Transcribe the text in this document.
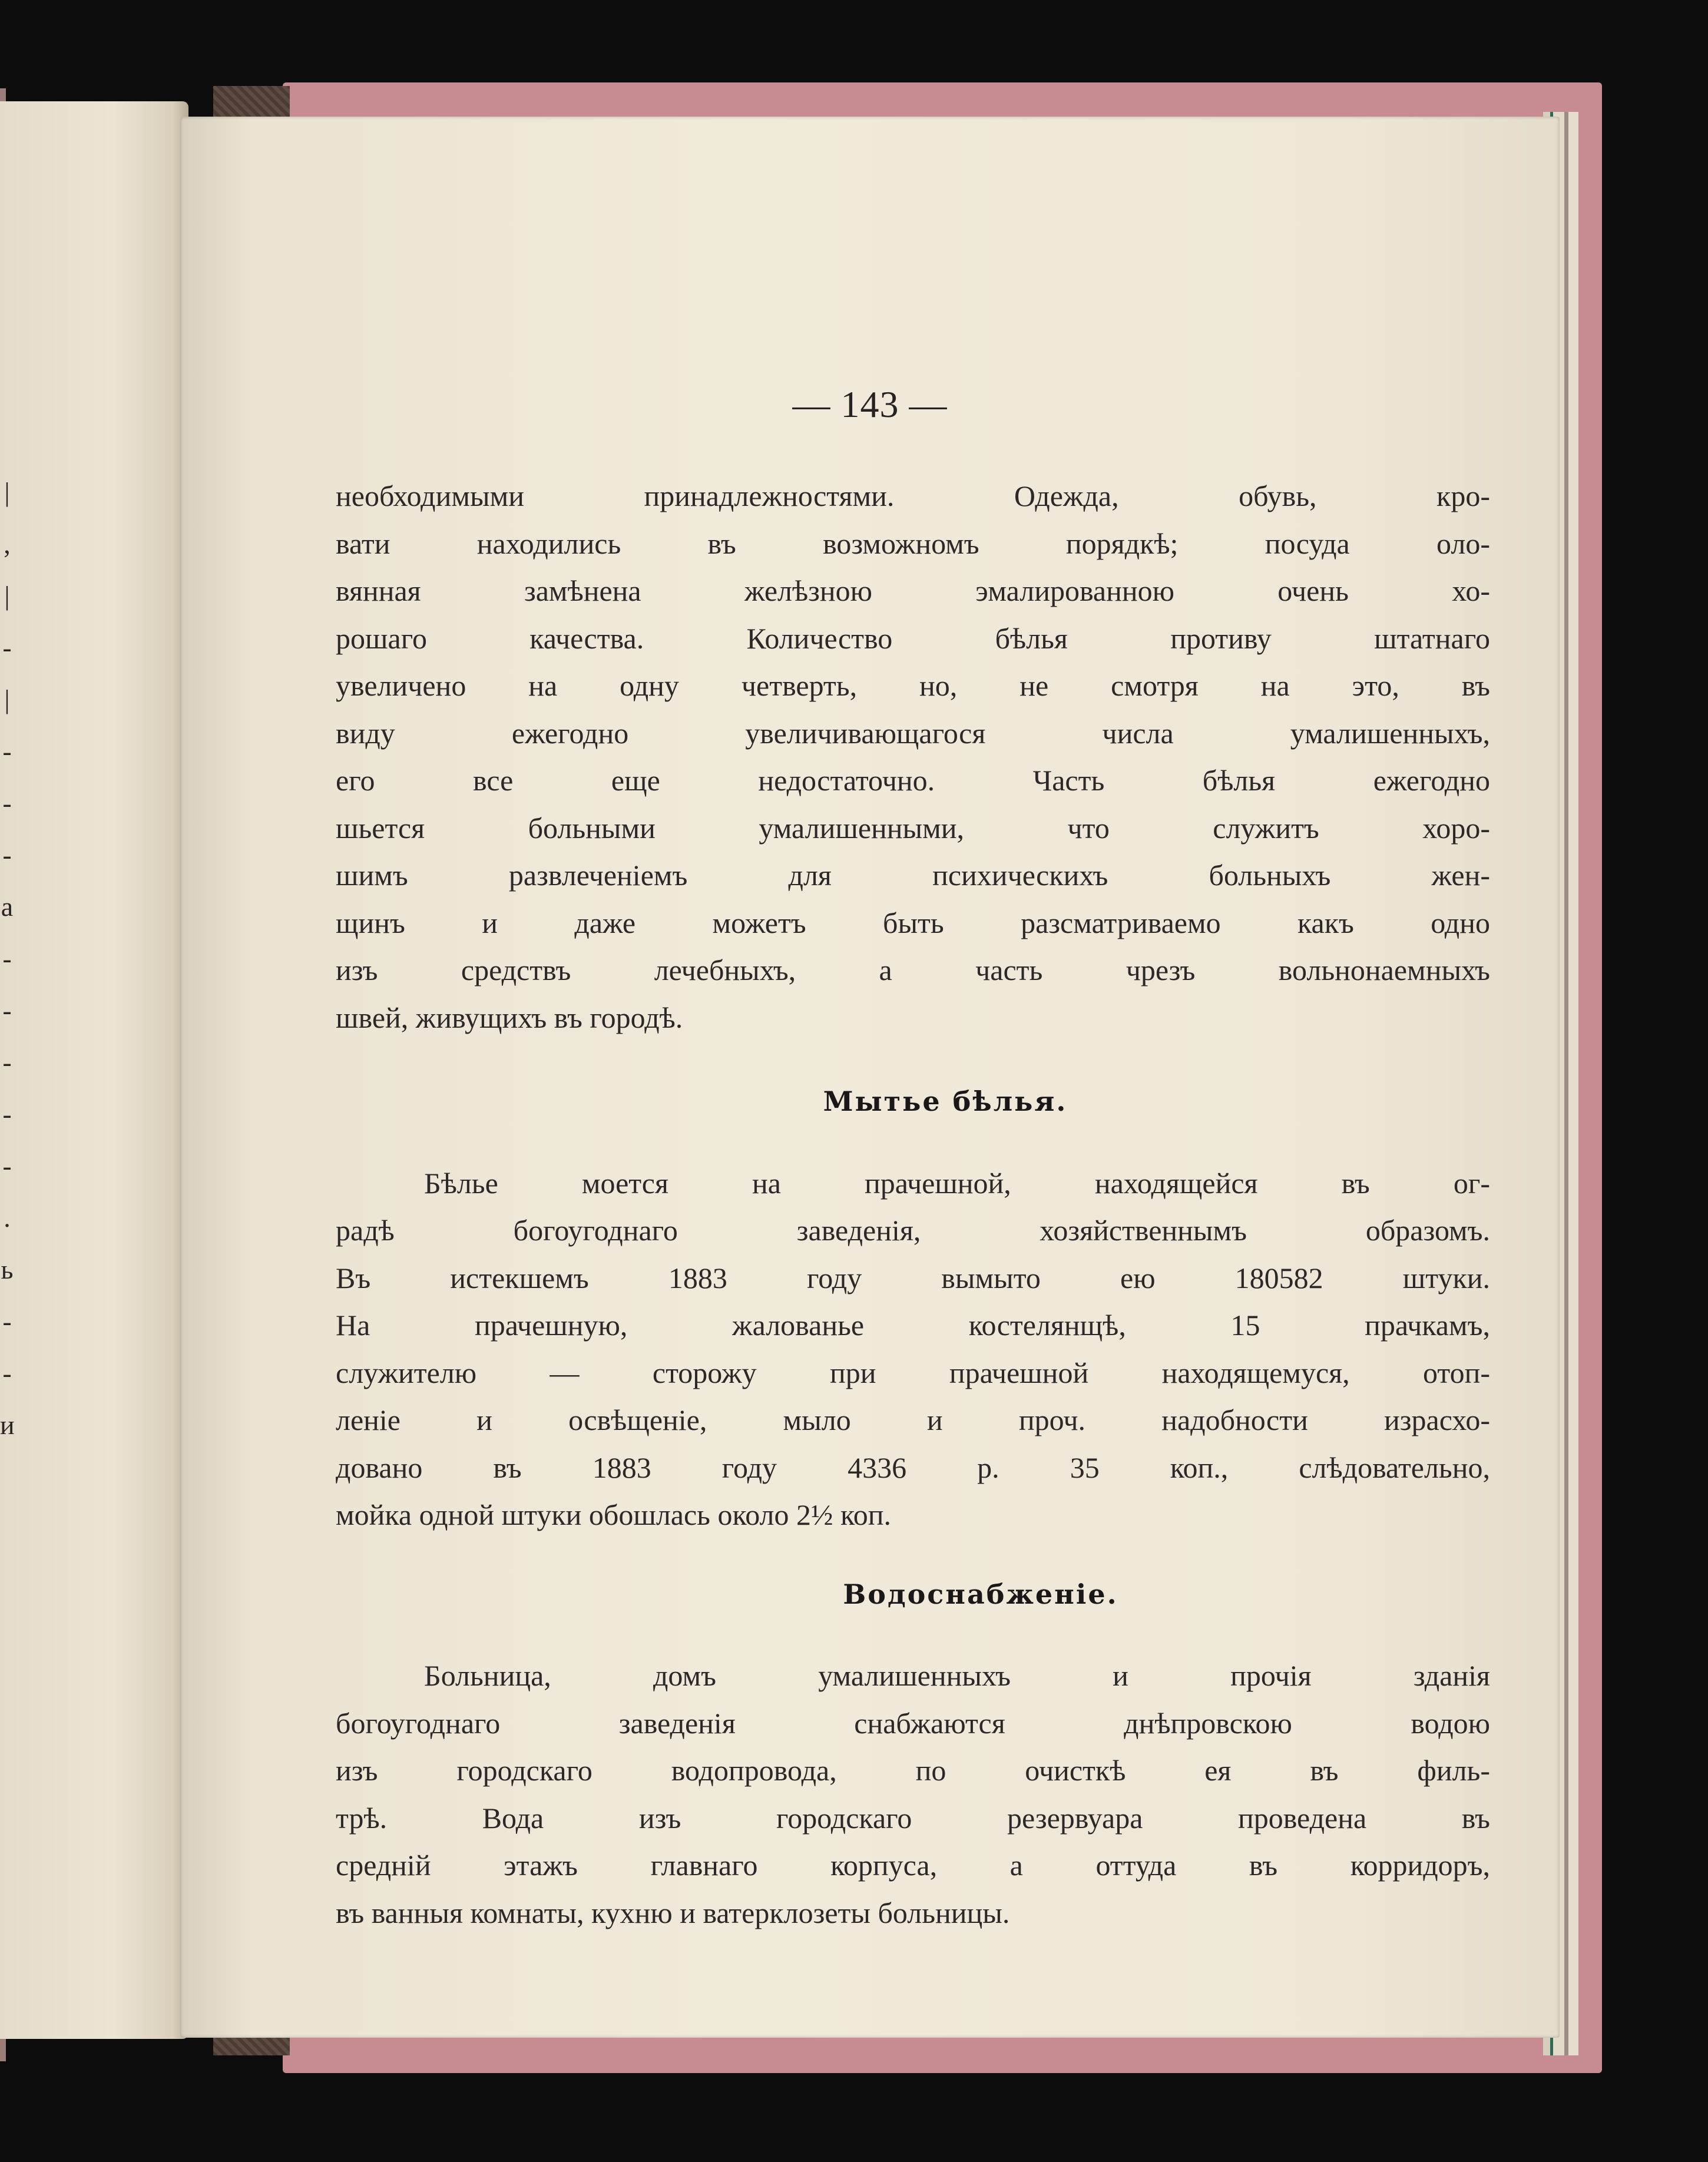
|
,
|
-
|
-
-
-
a
-
-
-
-
-
.
ь
-
-
и
— 143 —

необходимыми принадлежностями. Одежда, обувь, кро-
вати находились въ возможномъ порядкѣ; посуда оло-
вянная замѣнена желѣзною эмалированною очень хо-
рошаго качества. Количество бѣлья противу штатнаго
увеличено на одну четверть, но, не смотря на это, въ
виду ежегодно увеличивающагося числа умалишенныхъ,
его все еще недостаточно. Часть бѣлья ежегодно
шьется больными умалишенными, что служитъ хоро-
шимъ развлеченіемъ для психическихъ больныхъ жен-
щинъ и даже можетъ быть разсматриваемо какъ одно
изъ средствъ лечебныхъ, а часть чрезъ вольнонаемныхъ
швей, живущихъ въ городѣ.

Мытье бѣлья.

Бѣлье моется на прачешной, находящейся въ ог-
радѣ богоугоднаго заведенія, хозяйственнымъ образомъ.
Въ истекшемъ 1883 году вымыто ею 180582 штуки.
На прачешную, жалованье костелянщѣ, 15 прачкамъ,
служителю — сторожу при прачешной находящемуся, отоп-
леніе и освѣщеніе, мыло и проч. надобности израсхо-
довано въ 1883 году 4336 р. 35 коп., слѣдовательно,
мойка одной штуки обошлась около 2½ коп.

Водоснабженіе.

Больница, домъ умалишенныхъ и прочія зданія
богоугоднаго заведенія снабжаются днѣпровскою водою
изъ городскаго водопровода, по очисткѣ ея въ филь-
трѣ. Вода изъ городскаго резервуара проведена въ
средній этажъ главнаго корпуса, а оттуда въ корридоръ,
въ ванныя комнаты, кухню и ватерклозеты больницы.
